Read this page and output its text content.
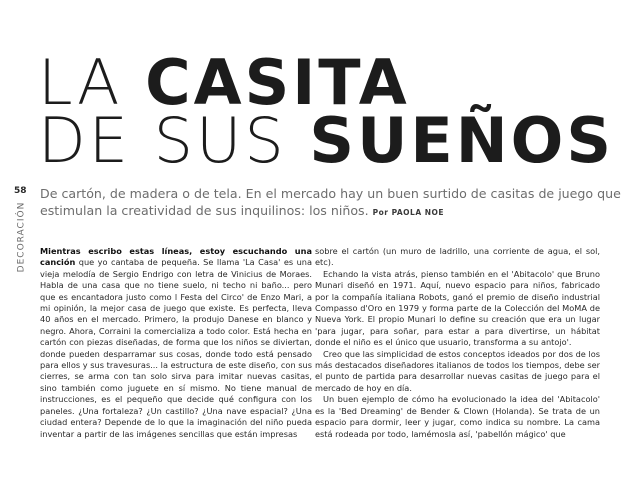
LA CASITA
DE SUS SUEÑOS
58
DECORACIÓN

De cartón, de madera o de tela. En el mercado hay un buen surtido de casitas de juego que estimulan la creatividad de sus inquilinos: los niños. Por PAOLA NOE

Mientras escribo estas líneas, estoy escuchando una canción que yo cantaba de pequeña. Se llama 'La Casa' es una vieja melodía de Sergio Endrigo con letra de Vinicius de Moraes. Habla de una casa que no tiene suelo, ni techo ni baño... pero que es encantadora justo como l Festa del Circo' de Enzo Mari, a mi opinión, la mejor casa de juego que existe. Es perfecta, lleva 40 años en el mercado. Primero, la produjo Danese en blanco y negro. Ahora, Corraini la comercializa a todo color. Está hecha en cartón con piezas diseñadas, de forma que los niños se diviertan, donde pueden desparramar sus cosas, donde todo está pensado para ellos y sus travesuras... la estructura de este diseño, con sus cierres, se arma con tan solo sirva para imitar nuevas casitas, sino también como juguete en sí mismo. No tiene manual de instrucciones, es el pequeño que decide qué configura con los paneles. ¿Una fortaleza? ¿Un castillo? ¿Una nave espacial? ¿Una ciudad entera? Depende de lo que la imaginación del niño pueda inventar a partir de las imágenes sencillas que están impresas

sobre el cartón (un muro de ladrillo, una corriente de agua, el sol, etc).

Echando la vista atrás, pienso también en el 'Abitacolo' que Bruno Munari diseñó en 1971. Aquí, nuevo espacio para niños, fabricado por la compañía italiana Robots, ganó el premio de diseño industrial Compasso d'Oro en 1979 y forma parte de la Colección del MoMA de Nueva York. El propio Munari lo define su creación que era un lugar 'para jugar, para soñar, para estar a para divertirse, un hábitat donde el niño es el único que usuario, transforma a su antojo'.

Creo que las simplicidad de estos conceptos ideados por dos de los más destacados diseñadores italianos de todos los tiempos, debe ser el punto de partida para desarrollar nuevas casitas de juego para el mercado de hoy en día.

Un buen ejemplo de cómo ha evolucionado la idea del 'Abitacolo' es la 'Bed Dreaming' de Bender & Clown (Holanda). Se trata de un espacio para dormir, leer y jugar, como indica su nombre. La cama está rodeada por todo, lamémosla así, 'pabellón mágico' que
